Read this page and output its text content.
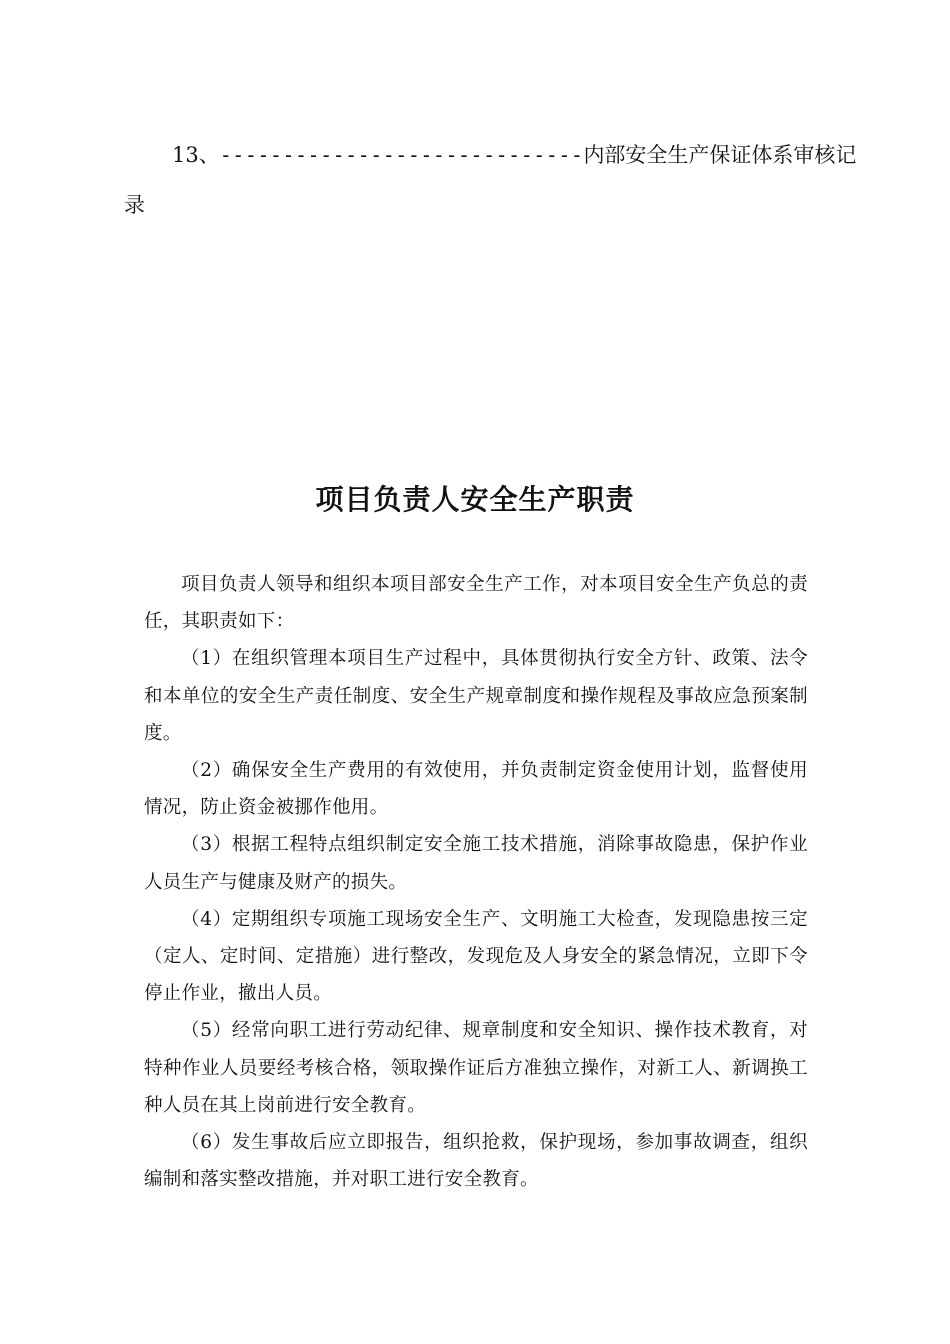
13、 ----------------------------- 内部安全生产保证体系审核记
录
项目负责人安全生产职责

项目负责人领导和组织本项目部安全生产工作，对本项目安全生产负总的责任，其职责如下：

（1）在组织管理本项目生产过程中，具体贯彻执行安全方针、政策、法令和本单位的安全生产责任制度、安全生产规章制度和操作规程及事故应急预案制度。

（2）确保安全生产费用的有效使用，并负责制定资金使用计划，监督使用情况，防止资金被挪作他用。

（3）根据工程特点组织制定安全施工技术措施，消除事故隐患，保护作业人员生产与健康及财产的损失。

（4）定期组织专项施工现场安全生产、文明施工大检查，发现隐患按三定（定人、定时间、定措施）进行整改，发现危及人身安全的紧急情况，立即下令停止作业，撤出人员。

（5）经常向职工进行劳动纪律、规章制度和安全知识、操作技术教育，对特种作业人员要经考核合格，领取操作证后方准独立操作，对新工人、新调换工种人员在其上岗前进行安全教育。

（6）发生事故后应立即报告，组织抢救，保护现场，参加事故调查，组织编制和落实整改措施，并对职工进行安全教育。
